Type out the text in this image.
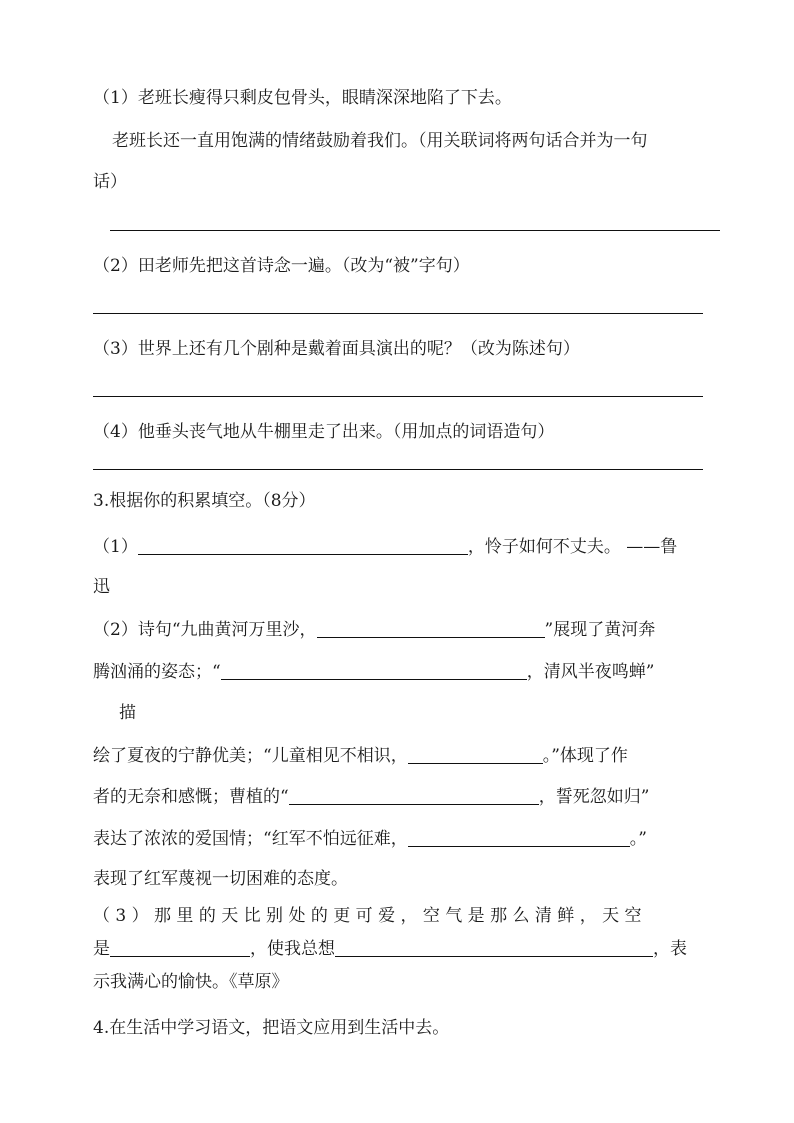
（1）老班长瘦得只剩皮包骨头，眼睛深深地陷了下去。
老班长还一直用饱满的情绪鼓励着我们。（用关联词将两句话合并为一句
话）
（2）田老师先把这首诗念一遍。（改为“被”字句）
（3）世界上还有几个剧种是戴着面具演出的呢？（改为陈述句）
（4）他垂头丧气地从牛棚里走了出来。（用加点的词语造句）
3.根据你的积累填空。（8分）
（1）	，怜子如何不丈夫。 ——鲁
迅
（2）诗句“九曲黄河万里沙，	”展现了黄河奔
腾汹涌的姿态；“	，清风半夜鸣蝉”
描
绘了夏夜的宁静优美；“儿童相见不相识，	。”体现了作
者的无奈和感慨；曹植的“	，誓死忽如归”
表达了浓浓的爱国情；“红军不怕远征难，	。”
表现了红军蔑视一切困难的态度。
（ 3 ） 那 里 的 天 比 别 处 的 更 可 爱 ， 空 气 是 那 么 清 鲜 ， 天 空
是	，使我总想	，表
示我满心的愉快。《草原》
4.在生活中学习语文，把语文应用到生活中去。
